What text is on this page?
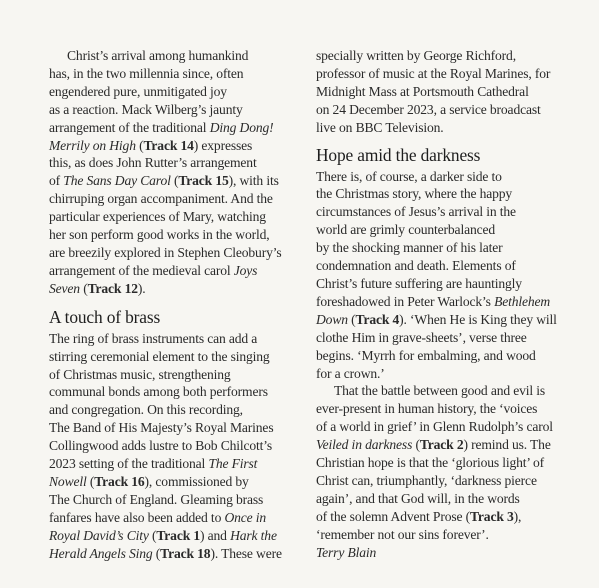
Christ’s arrival among humankind
has, in the two millennia since, often
engendered pure, unmitigated joy
as a reaction. Mack Wilberg’s jaunty
arrangement of the traditional Ding Dong!
Merrily on High (Track 14) expresses
this, as does John Rutter’s arrangement
of The Sans Day Carol (Track 15), with its
chirruping organ accompaniment. And the
particular experiences of Mary, watching
her son perform good works in the world,
are breezily explored in Stephen Cleobury’s
arrangement of the medieval carol Joys
Seven (Track 12).
A touch of brass
The ring of brass instruments can add a
stirring ceremonial element to the singing
of Christmas music, strengthening
communal bonds among both performers
and congregation. On this recording,
The Band of His Majesty’s Royal Marines
Collingwood adds lustre to Bob Chilcott’s
2023 setting of the traditional The First
Nowell (Track 16), commissioned by
The Church of England. Gleaming brass
fanfares have also been added to Once in
Royal David’s City (Track 1) and Hark the
Herald Angels Sing (Track 18). These were
specially written by George Richford,
professor of music at the Royal Marines, for
Midnight Mass at Portsmouth Cathedral
on 24 December 2023, a service broadcast
live on BBC Television.
Hope amid the darkness
There is, of course, a darker side to
the Christmas story, where the happy
circumstances of Jesus’s arrival in the
world are grimly counterbalanced
by the shocking manner of his later
condemnation and death. Elements of
Christ’s future suffering are hauntingly
foreshadowed in Peter Warlock’s Bethlehem
Down (Track 4). ‘When He is King they will
clothe Him in grave-sheets’, verse three
begins. ‘Myrrh for embalming, and wood
for a crown.’
That the battle between good and evil is
ever-present in human history, the ‘voices
of a world in grief’ in Glenn Rudolph’s carol
Veiled in darkness (Track 2) remind us. The
Christian hope is that the ‘glorious light’ of
Christ can, triumphantly, ‘darkness pierce
again’, and that God will, in the words
of the solemn Advent Prose (Track 3),
‘remember not our sins forever’.
Terry Blain
